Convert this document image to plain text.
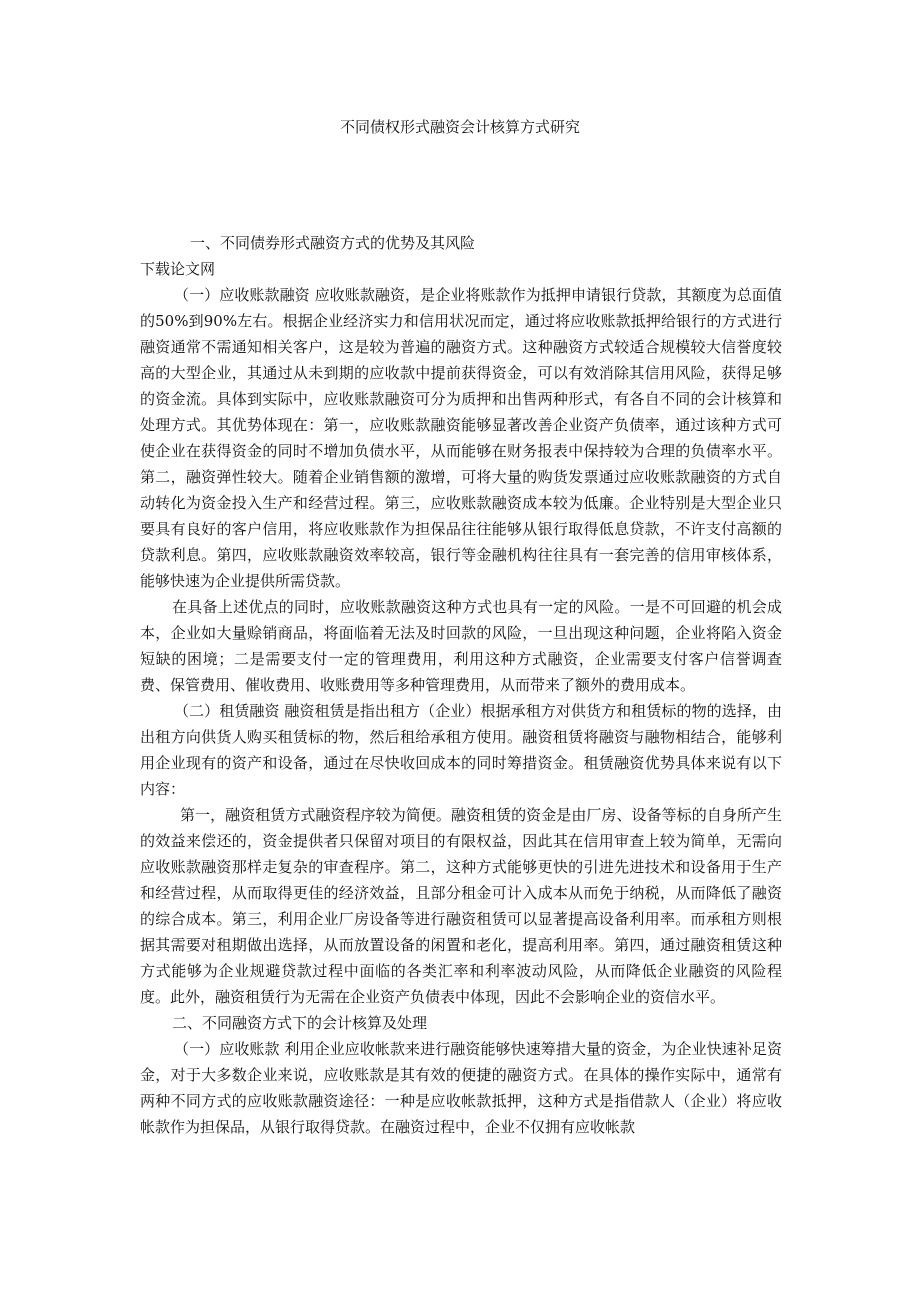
不同债权形式融资会计核算方式研究

一、不同债券形式融资方式的优势及其风险

下载论文网

（一）应收账款融资 应收账款融资，是企业将账款作为抵押申请银行贷款，其额度为总面值的50%到90%左右。根据企业经济实力和信用状况而定，通过将应收账款抵押给银行的方式进行融资通常不需通知相关客户，这是较为普遍的融资方式。这种融资方式较适合规模较大信誉度较高的大型企业，其通过从未到期的应收款中提前获得资金，可以有效消除其信用风险，获得足够的资金流。具体到实际中，应收账款融资可分为质押和出售两种形式，有各自不同的会计核算和处理方式。其优势体现在：第一，应收账款融资能够显著改善企业资产负债率，通过该种方式可使企业在获得资金的同时不增加负债水平，从而能够在财务报表中保持较为合理的负债率水平。第二，融资弹性较大。随着企业销售额的激增，可将大量的购货发票通过应收账款融资的方式自动转化为资金投入生产和经营过程。第三，应收账款融资成本较为低廉。企业特别是大型企业只要具有良好的客户信用，将应收账款作为担保品往往能够从银行取得低息贷款，不许支付高额的贷款利息。第四，应收账款融资效率较高，银行等金融机构往往具有一套完善的信用审核体系，能够快速为企业提供所需贷款。

在具备上述优点的同时，应收账款融资这种方式也具有一定的风险。一是不可回避的机会成本，企业如大量赊销商品，将面临着无法及时回款的风险，一旦出现这种问题，企业将陷入资金短缺的困境；二是需要支付一定的管理费用，利用这种方式融资，企业需要支付客户信誉调查费、保管费用、催收费用、收账费用等多种管理费用，从而带来了额外的费用成本。

（二）租赁融资 融资租赁是指出租方（企业）根据承租方对供货方和租赁标的物的选择，由出租方向供货人购买租赁标的物，然后租给承租方使用。融资租赁将融资与融物相结合，能够利用企业现有的资产和设备，通过在尽快收回成本的同时筹措资金。租赁融资优势具体来说有以下内容：

第一，融资租赁方式融资程序较为简便。融资租赁的资金是由厂房、设备等标的自身所产生的效益来偿还的，资金提供者只保留对项目的有限权益，因此其在信用审查上较为简单，无需向应收账款融资那样走复杂的审查程序。第二，这种方式能够更快的引进先进技术和设备用于生产和经营过程，从而取得更佳的经济效益，且部分租金可计入成本从而免于纳税，从而降低了融资的综合成本。第三，利用企业厂房设备等进行融资租赁可以显著提高设备利用率。而承租方则根据其需要对租期做出选择，从而放置设备的闲置和老化，提高利用率。第四，通过融资租赁这种方式能够为企业规避贷款过程中面临的各类汇率和利率波动风险，从而降低企业融资的风险程度。此外，融资租赁行为无需在企业资产负债表中体现，因此不会影响企业的资信水平。

二、不同融资方式下的会计核算及处理

（一）应收账款 利用企业应收帐款来进行融资能够快速筹措大量的资金，为企业快速补足资金，对于大多数企业来说，应收账款是其有效的便捷的融资方式。在具体的操作实际中，通常有两种不同方式的应收账款融资途径：一种是应收帐款抵押，这种方式是指借款人（企业）将应收帐款作为担保品，从银行取得贷款。在融资过程中，企业不仅拥有应收帐款
